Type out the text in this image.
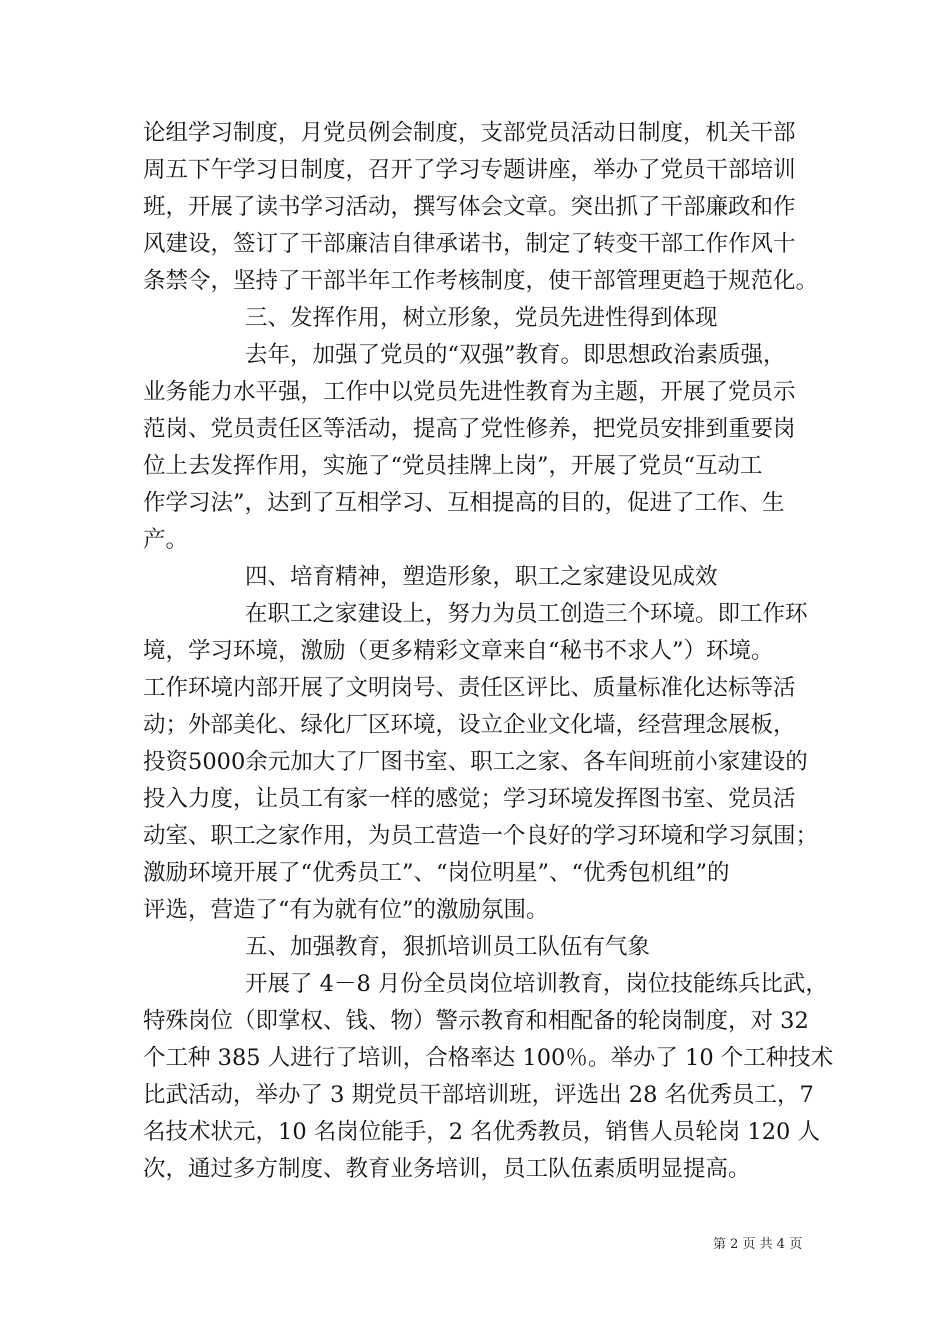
论组学习制度，月党员例会制度，支部党员活动日制度，机关干部
周五下午学习日制度，召开了学习专题讲座，举办了党员干部培训
班，开展了读书学习活动，撰写体会文章。突出抓了干部廉政和作
风建设，签订了干部廉洁自律承诺书，制定了转变干部工作作风十
条禁令，坚持了干部半年工作考核制度，使干部管理更趋于规范化。
三、发挥作用，树立形象，党员先进性得到体现
去年，加强了党员的“双强”教育。即思想政治素质强，
业务能力水平强，工作中以党员先进性教育为主题，开展了党员示
范岗、党员责任区等活动，提高了党性修养，把党员安排到重要岗
位上去发挥作用，实施了“党员挂牌上岗”，开展了党员“互动工
作学习法”，达到了互相学习、互相提高的目的，促进了工作、生
产。
四、培育精神，塑造形象，职工之家建设见成效
在职工之家建设上，努力为员工创造三个环境。即工作环
境，学习环境，激励（更多精彩文章来自“秘书不求人”）环境。
工作环境内部开展了文明岗号、责任区评比、质量标准化达标等活
动；外部美化、绿化厂区环境，设立企业文化墙，经营理念展板，
投资5000余元加大了厂图书室、职工之家、各车间班前小家建设的
投入力度，让员工有家一样的感觉；学习环境发挥图书室、党员活
动室、职工之家作用，为员工营造一个良好的学习环境和学习氛围；
激励环境开展了“优秀员工”、“岗位明星”、“优秀包机组”的
评选，营造了“有为就有位”的激励氛围。
五、加强教育，狠抓培训员工队伍有气象
开展了 4－8 月份全员岗位培训教育，岗位技能练兵比武，
特殊岗位（即掌权、钱、物）警示教育和相配备的轮岗制度，对 32
个工种 385 人进行了培训，合格率达 100％。举办了 10 个工种技术
比武活动，举办了 3 期党员干部培训班，评选出 28 名优秀员工，7
名技术状元，10 名岗位能手，2 名优秀教员，销售人员轮岗 120 人
次，通过多方制度、教育业务培训，员工队伍素质明显提高。
第 2 页 共 4 页
